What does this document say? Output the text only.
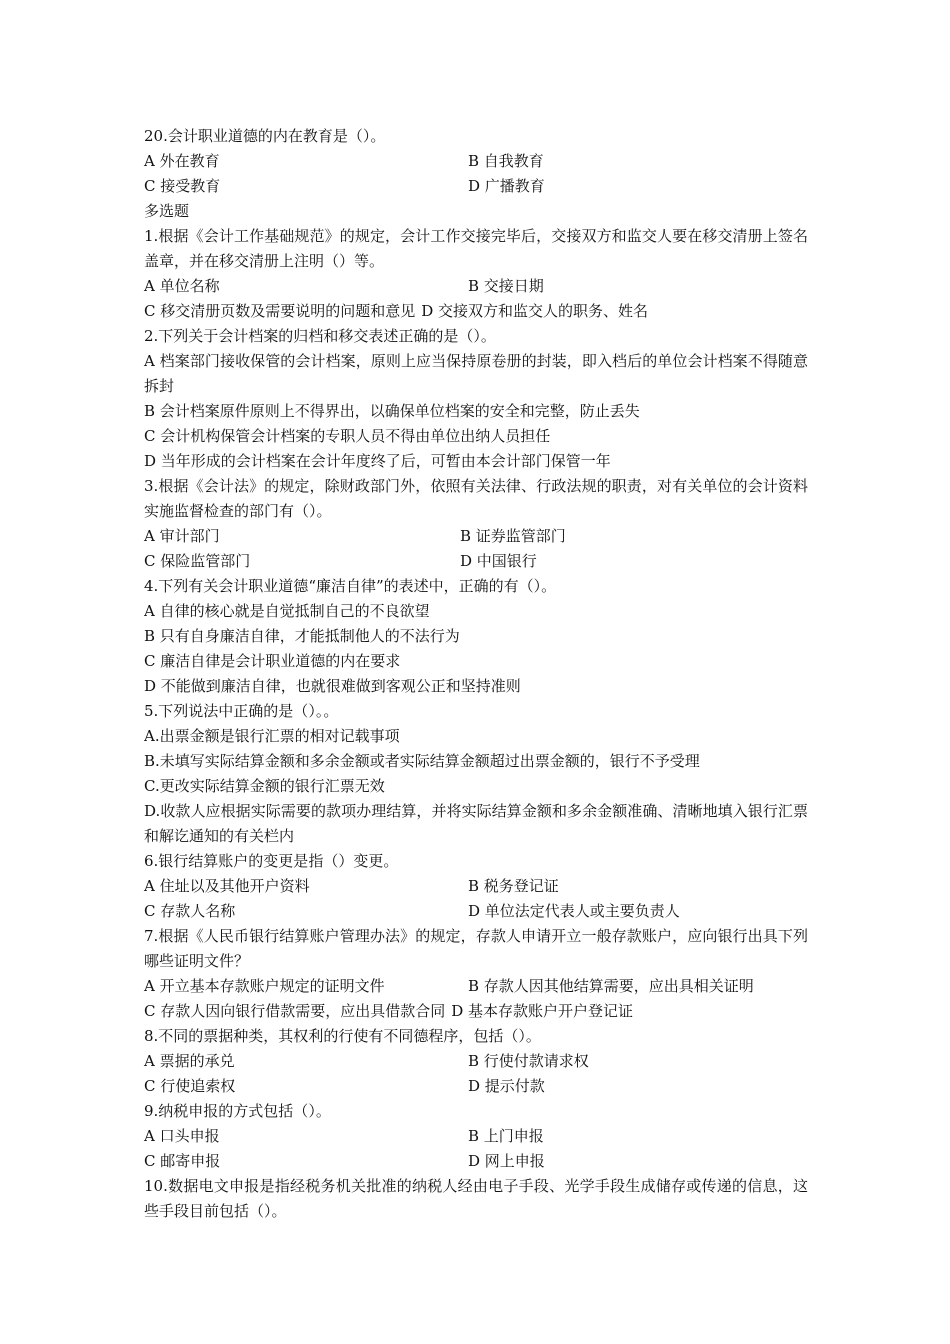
20.会计职业道德的内在教育是（）。
A 外在教育	B 自我教育
C 接受教育	D 广播教育
多选题
1.根据《会计工作基础规范》的规定，会计工作交接完毕后，交接双方和监交人要在移交清册上签名盖章，并在移交清册上注明（）等。
A 单位名称	B 交接日期
C 移交清册页数及需要说明的问题和意见 D 交接双方和监交人的职务、姓名
2.下列关于会计档案的归档和移交表述正确的是（）。
A 档案部门接收保管的会计档案，原则上应当保持原卷册的封装，即入档后的单位会计档案不得随意拆封
B 会计档案原件原则上不得界出，以确保单位档案的安全和完整，防止丢失
C 会计机构保管会计档案的专职人员不得由单位出纳人员担任
D 当年形成的会计档案在会计年度终了后，可暂由本会计部门保管一年
3.根据《会计法》的规定，除财政部门外，依照有关法律、行政法规的职责，对有关单位的会计资料实施监督检查的部门有（）。
A 审计部门	B 证券监管部门
C 保险监管部门	D 中国银行
4.下列有关会计职业道德“廉洁自律”的表述中，正确的有（）。
A 自律的核心就是自觉抵制自己的不良欲望
B 只有自身廉洁自律，才能抵制他人的不法行为
C 廉洁自律是会计职业道德的内在要求
D 不能做到廉洁自律，也就很难做到客观公正和坚持准则
5.下列说法中正确的是（）。。
A.出票金额是银行汇票的相对记载事项
B.未填写实际结算金额和多余金额或者实际结算金额超过出票金额的，银行不予受理
C.更改实际结算金额的银行汇票无效
D.收款人应根据实际需要的款项办理结算，并将实际结算金额和多余金额准确、清晰地填入银行汇票和解讫通知的有关栏内
6.银行结算账户的变更是指（）变更。
A 住址以及其他开户资料	B 税务登记证
C 存款人名称	D 单位法定代表人或主要负责人
7.根据《人民币银行结算账户管理办法》的规定，存款人申请开立一般存款账户，应向银行出具下列哪些证明文件？
A 开立基本存款账户规定的证明文件	B 存款人因其他结算需要，应出具相关证明
C 存款人因向银行借款需要，应出具借款合同 D 基本存款账户开户登记证
8.不同的票据种类，其权利的行使有不同德程序，包括（）。
A 票据的承兑	B 行使付款请求权
C 行使追索权	D 提示付款
9.纳税申报的方式包括（）。
A 口头申报	B 上门申报
C 邮寄申报	D 网上申报
10.数据电文申报是指经税务机关批准的纳税人经由电子手段、光学手段生成储存或传递的信息，这些手段目前包括（）。
